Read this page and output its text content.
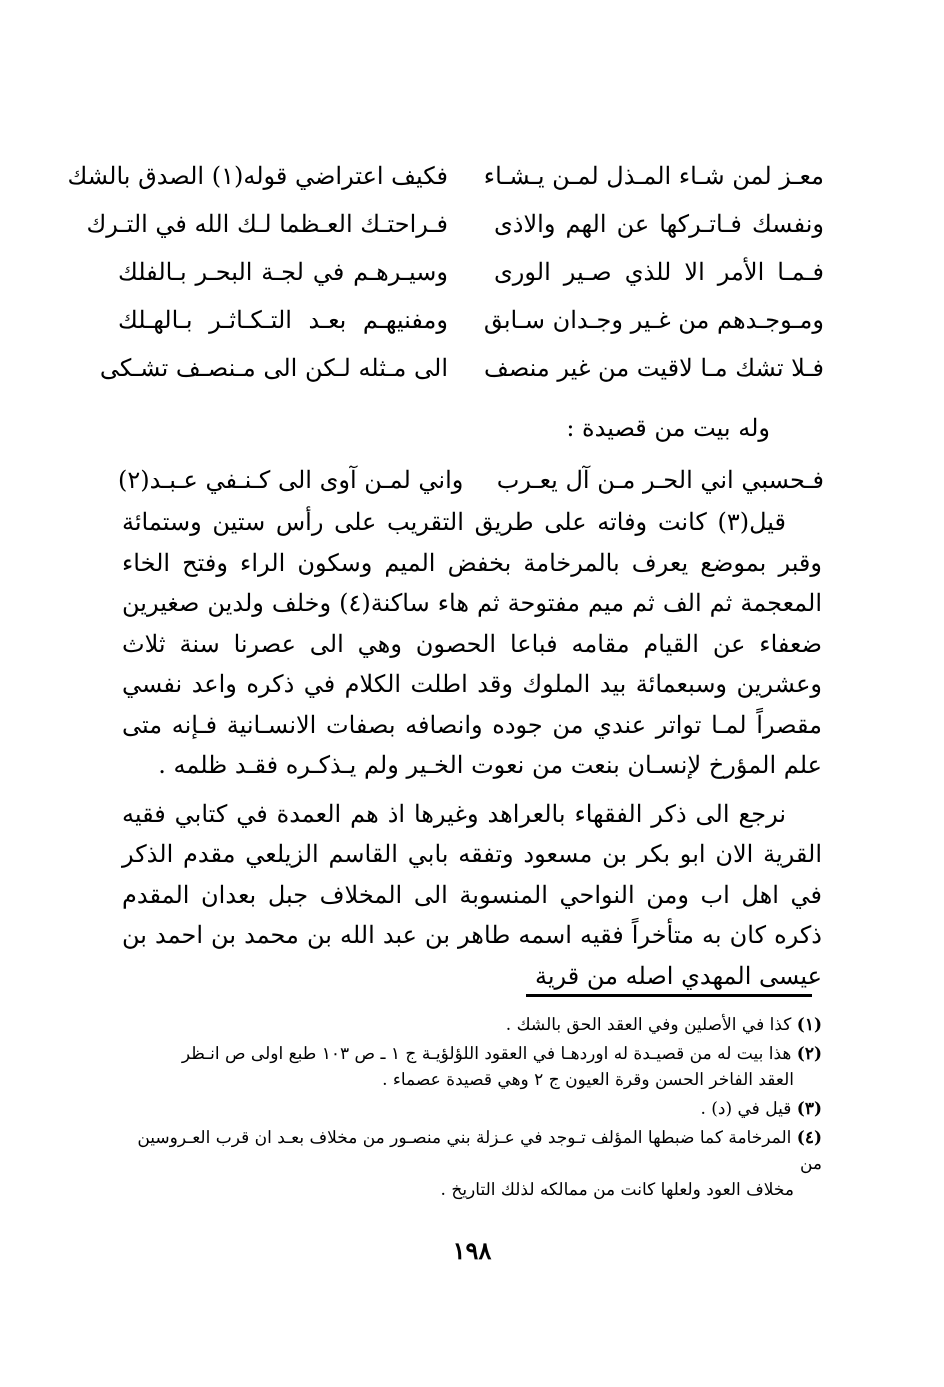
معـز لمن شـاء المـذل لمـن يـشـاء
فكيف اعتراضي قوله(١) الصدق بالشك
ونفسك فـاتـركها عن الهم والاذى
فـراحتـك العـظما لـك الله في التـرك
فـمـا الأمر الا للذي صـير الورى
وسيـرهـم في لجـة البحـر بـالفلك
ومـوجـدهم من غـير وجـدان سـابق
ومفنيهـم بعـد التـكـاثـر بـالهـلك
فـلا تشك مـا لاقيت من غير منصف
الى مـثله لـكن الى مـنصـف تشـكى
وله بيت من قصيدة :
فـحسبي اني الحـر مـن آل يعـرب
واني لمـن آوى الى كـنـفي عـبـد(٢)

قيل(٣) كانت وفاته على طريق التقريب على رأس ستين وستمائة وقبر بموضع يعرف بالمرخامة بخفض الميم وسكون الراء وفتح الخاء المعجمة ثم الف ثم ميم مفتوحة ثم هاء ساكنة(٤) وخلف ولدين صغيرين ضعفاء عن القيام مقامه فباعا الحصون وهي الى عصرنا سنة ثلاث وعشرين وسبعمائة بيد الملوك وقد اطلت الكلام في ذكره واعد نفسي مقصراً لمـا تواتر عندي من جوده وانصافه بصفات الانسـانية فـإنه متى علم المؤرخ لإنسـان بنعت من نعوت الخـير ولم يـذكـره فقـد ظلمه .

نرجع الى ذكر الفقهاء بالعراهد وغيرها اذ هم العمدة في كتابي فقيه القرية الان ابو بكر بن مسعود وتفقه بابي القاسم الزيلعي مقدم الذكر في اهل اب ومن النواحي المنسوبة الى المخلاف جبل بعدان المقدم ذكره كان به متأخراً فقيه اسمه طاهر بن عبد الله بن محمد بن احمد بن عيسى المهدي اصله من قرية

(١) كذا في الأصلين وفي العقد الحق بالشك .
(٢) هذا بيت له من قصيـدة له اوردهـا في العقود اللؤلؤيـة ج ١ ـ ص ١٠٣ طبع اولى ص انـظر
العقد الفاخر الحسن وقرة العيون ج ٢ وهي قصيدة عصماء .
(٣) قيل في (د) .
(٤) المرخامة كما ضبطها المؤلف تـوجد في عـزلة بني منصـور من مخلاف بعـد ان قرب العـروسين من
مخلاف العود ولعلها كانت من ممالكه لذلك التاريخ .
١٩٨
